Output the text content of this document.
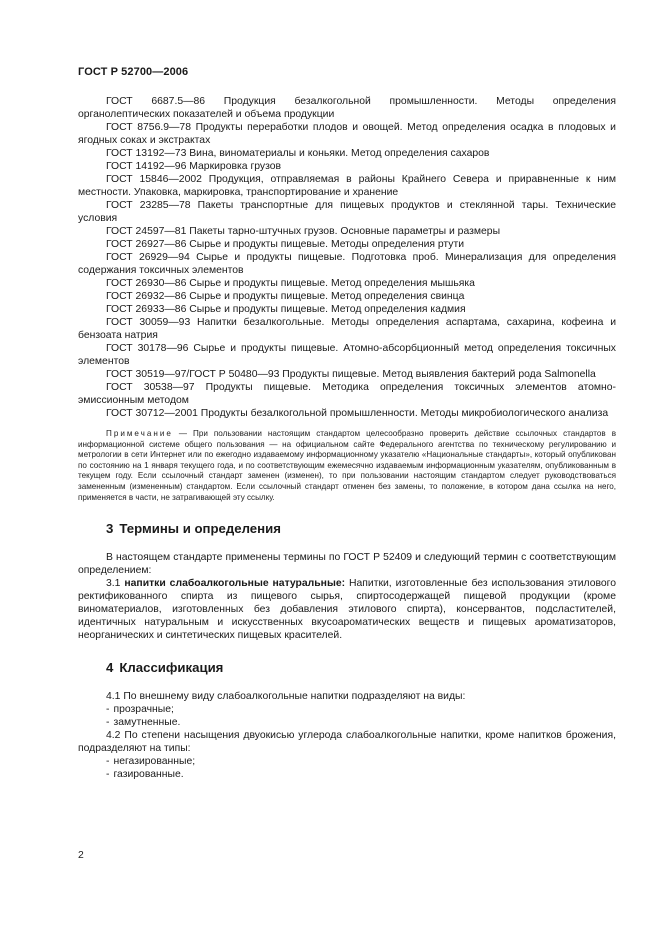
ГОСТ Р 52700—2006

ГОСТ 6687.5—86 Продукция безалкогольной промышленности. Методы определения органолептических показателей и объема продукции

ГОСТ 8756.9—78 Продукты переработки плодов и овощей. Метод определения осадка в плодовых и ягодных соках и экстрактах

ГОСТ 13192—73 Вина, виноматериалы и коньяки. Метод определения сахаров

ГОСТ 14192—96 Маркировка грузов

ГОСТ 15846—2002 Продукция, отправляемая в районы Крайнего Севера и приравненные к ним местности. Упаковка, маркировка, транспортирование и хранение

ГОСТ 23285—78 Пакеты транспортные для пищевых продуктов и стеклянной тары. Технические условия

ГОСТ 24597—81 Пакеты тарно-штучных грузов. Основные параметры и размеры

ГОСТ 26927—86 Сырье и продукты пищевые. Методы определения ртути

ГОСТ 26929—94 Сырье и продукты пищевые. Подготовка проб. Минерализация для определения содержания токсичных элементов

ГОСТ 26930—86 Сырье и продукты пищевые. Метод определения мышьяка

ГОСТ 26932—86 Сырье и продукты пищевые. Метод определения свинца

ГОСТ 26933—86 Сырье и продукты пищевые. Метод определения кадмия

ГОСТ 30059—93 Напитки безалкогольные. Методы определения аспартама, сахарина, кофеина и бензоата натрия

ГОСТ 30178—96 Сырье и продукты пищевые. Атомно-абсорбционный метод определения токсичных элементов

ГОСТ 30519—97/ГОСТ Р 50480—93 Продукты пищевые. Метод выявления бактерий рода Salmonella

ГОСТ 30538—97 Продукты пищевые. Методика определения токсичных элементов атомно-эмиссионным методом

ГОСТ 30712—2001 Продукты безалкогольной промышленности. Методы микробиологического анализа

Примечание — При пользовании настоящим стандартом целесообразно проверить действие ссылочных стандартов в информационной системе общего пользования — на официальном сайте Федерального агентства по техническому регулированию и метрологии в сети Интернет или по ежегодно издаваемому информационному указателю «Национальные стандарты», который опубликован по состоянию на 1 января текущего года, и по соответствующим ежемесячно издаваемым информационным указателям, опубликованным в текущем году. Если ссылочный стандарт заменен (изменен), то при пользовании настоящим стандартом следует руководствоваться замененным (измененным) стандартом. Если ссылочный стандарт отменен без замены, то положение, в котором дана ссылка на него, применяется в части, не затрагивающей эту ссылку.

3 Термины и определения

В настоящем стандарте применены термины по ГОСТ Р 52409 и следующий термин с соответствующим определением:

3.1 напитки слабоалкогольные натуральные: Напитки, изготовленные без использования этилового ректификованного спирта из пищевого сырья, спиртосодержащей пищевой продукции (кроме виноматериалов, изготовленных без добавления этилового спирта), консервантов, подсластителей, идентичных натуральным и искусственных вкусоароматических веществ и пищевых ароматизаторов, неорганических и синтетических пищевых красителей.

4 Классификация

4.1 По внешнему виду слабоалкогольные напитки подразделяют на виды:

- прозрачные;

- замутненные.

4.2 По степени насыщения двуокисью углерода слабоалкогольные напитки, кроме напитков брожения, подразделяют на типы:

- негазированные;

- газированные.

2
